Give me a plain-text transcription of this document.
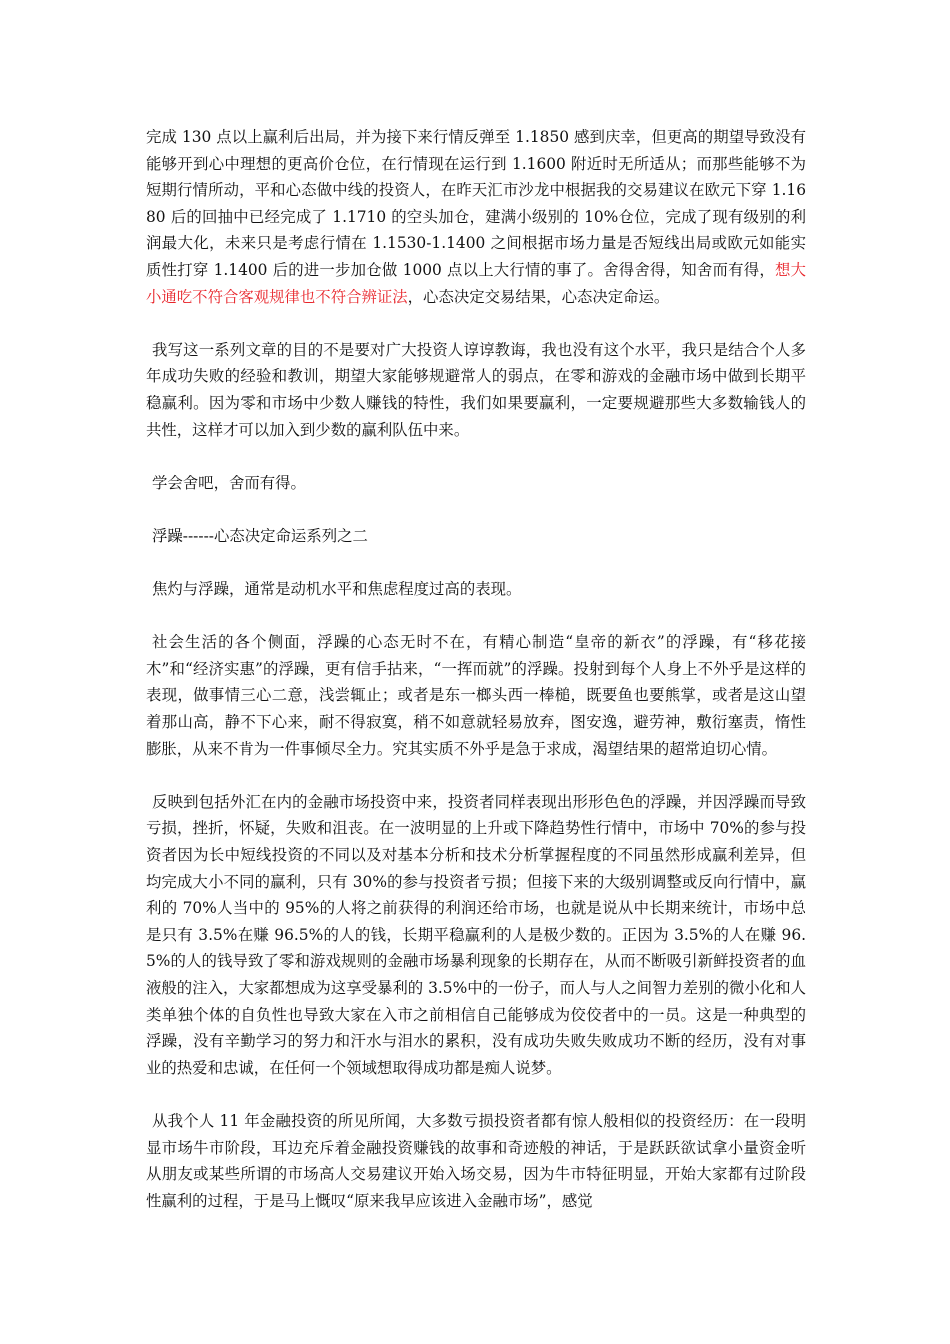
完成 130 点以上赢利后出局，并为接下来行情反弹至 1.1850 感到庆幸，但更高的期望导致没有能够开到心中理想的更高价仓位，在行情现在运行到 1.1600 附近时无所适从；而那些能够不为短期行情所动，平和心态做中线的投资人，在昨天汇市沙龙中根据我的交易建议在欧元下穿 1.1680 后的回抽中已经完成了 1.1710 的空头加仓，建满小级别的 10%仓位，完成了现有级别的利润最大化，未来只是考虑行情在 1.1530-1.1400 之间根据市场力量是否短线出局或欧元如能实质性打穿 1.1400 后的进一步加仓做 1000 点以上大行情的事了。舍得舍得，知舍而有得，想大小通吃不符合客观规律也不符合辨证法，心态决定交易结果，心态决定命运。

我写这一系列文章的目的不是要对广大投资人谆谆教诲，我也没有这个水平，我只是结合个人多年成功失败的经验和教训，期望大家能够规避常人的弱点，在零和游戏的金融市场中做到长期平稳赢利。因为零和市场中少数人赚钱的特性，我们如果要赢利，一定要规避那些大多数输钱人的共性，这样才可以加入到少数的赢利队伍中来。

学会舍吧，舍而有得。

浮躁------心态决定命运系列之二

焦灼与浮躁，通常是动机水平和焦虑程度过高的表现。

社会生活的各个侧面，浮躁的心态无时不在，有精心制造“皇帝的新衣”的浮躁，有“移花接木”和“经济实惠”的浮躁，更有信手拈来，“一挥而就”的浮躁。投射到每个人身上不外乎是这样的表现，做事情三心二意，浅尝辄止；或者是东一榔头西一棒槌，既要鱼也要熊掌，或者是这山望着那山高，静不下心来，耐不得寂寞，稍不如意就轻易放弃，图安逸，避劳神，敷衍塞责，惰性膨胀，从来不肯为一件事倾尽全力。究其实质不外乎是急于求成，渴望结果的超常迫切心情。

反映到包括外汇在内的金融市场投资中来，投资者同样表现出形形色色的浮躁，并因浮躁而导致亏损，挫折，怀疑，失败和沮丧。在一波明显的上升或下降趋势性行情中，市场中 70%的参与投资者因为长中短线投资的不同以及对基本分析和技术分析掌握程度的不同虽然形成赢利差异，但均完成大小不同的赢利，只有 30%的参与投资者亏损；但接下来的大级别调整或反向行情中，赢利的 70%人当中的 95%的人将之前获得的利润还给市场，也就是说从中长期来统计，市场中总是只有 3.5%在赚 96.5%的人的钱，长期平稳赢利的人是极少数的。正因为 3.5%的人在赚 96.5%的人的钱导致了零和游戏规则的金融市场暴利现象的长期存在，从而不断吸引新鲜投资者的血液般的注入，大家都想成为这享受暴利的 3.5%中的一份子，而人与人之间智力差别的微小化和人类单独个体的自负性也导致大家在入市之前相信自己能够成为佼佼者中的一员。这是一种典型的浮躁，没有辛勤学习的努力和汗水与泪水的累积，没有成功失败失败成功不断的经历，没有对事业的热爱和忠诚，在任何一个领域想取得成功都是痴人说梦。

从我个人 11 年金融投资的所见所闻，大多数亏损投资者都有惊人般相似的投资经历：在一段明显市场牛市阶段，耳边充斥着金融投资赚钱的故事和奇迹般的神话，于是跃跃欲试拿小量资金听从朋友或某些所谓的市场高人交易建议开始入场交易，因为牛市特征明显，开始大家都有过阶段性赢利的过程，于是马上慨叹“原来我早应该进入金融市场”，感觉
